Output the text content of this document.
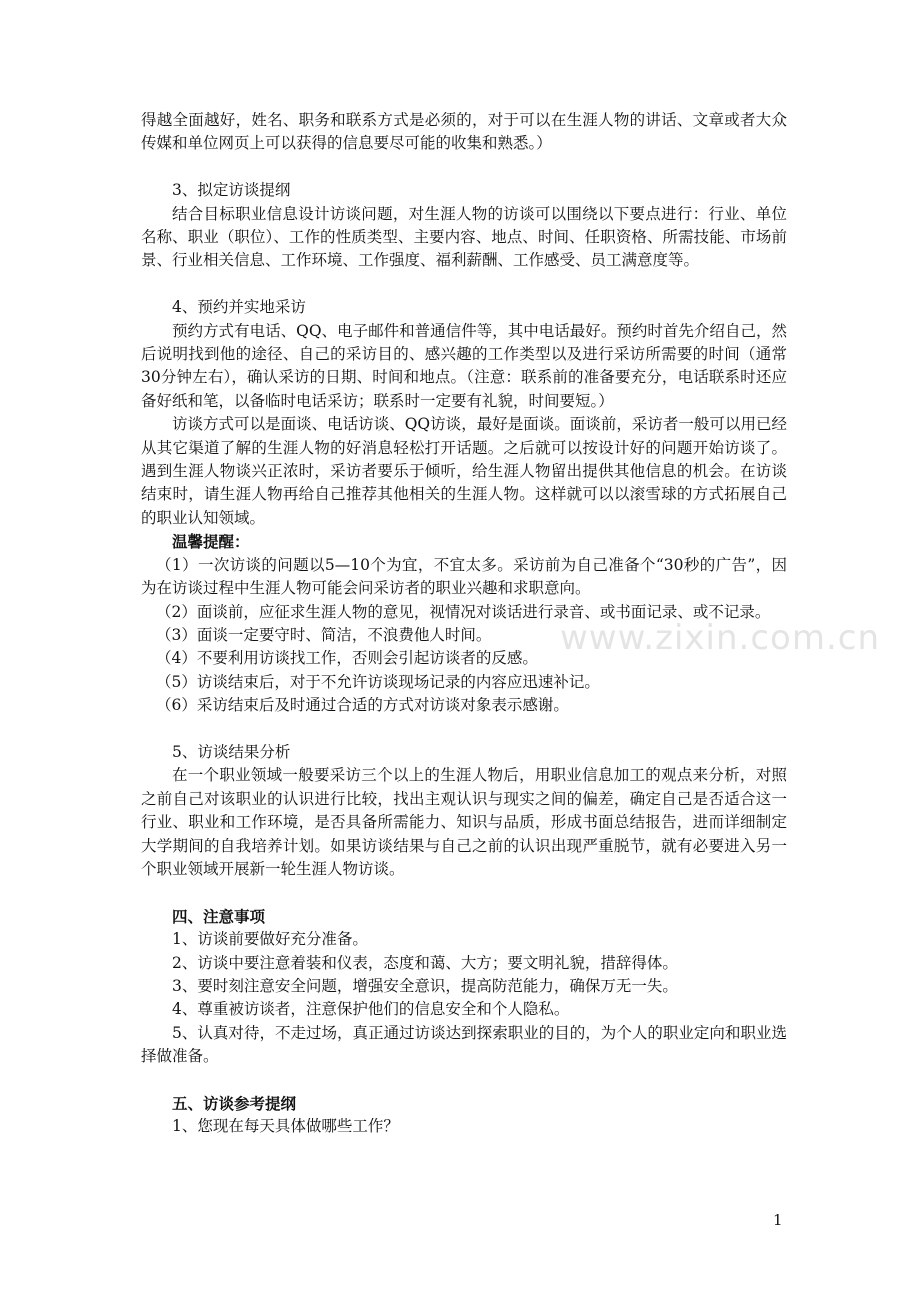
得越全面越好，姓名、职务和联系方式是必须的，对于可以在生涯人物的讲话、文章或者大众传媒和单位网页上可以获得的信息要尽可能的收集和熟悉。）

3、拟定访谈提纲

结合目标职业信息设计访谈问题，对生涯人物的访谈可以围绕以下要点进行：行业、单位名称、职业（职位）、工作的性质类型、主要内容、地点、时间、任职资格、所需技能、市场前景、行业相关信息、工作环境、工作强度、福利薪酬、工作感受、员工满意度等。

4、预约并实地采访

预约方式有电话、QQ、电子邮件和普通信件等，其中电话最好。预约时首先介绍自己，然后说明找到他的途径、自己的采访目的、感兴趣的工作类型以及进行采访所需要的时间（通常30分钟左右），确认采访的日期、时间和地点。（注意：联系前的准备要充分，电话联系时还应备好纸和笔，以备临时电话采访；联系时一定要有礼貌，时间要短。）

访谈方式可以是面谈、电话访谈、QQ访谈，最好是面谈。面谈前，采访者一般可以用已经从其它渠道了解的生涯人物的好消息轻松打开话题。之后就可以按设计好的问题开始访谈了。遇到生涯人物谈兴正浓时，采访者要乐于倾听，给生涯人物留出提供其他信息的机会。在访谈结束时，请生涯人物再给自己推荐其他相关的生涯人物。这样就可以以滚雪球的方式拓展自己的职业认知领域。

温馨提醒：

（1）一次访谈的问题以5—10个为宜，不宜太多。采访前为自己准备个“30秒的广告”，因为在访谈过程中生涯人物可能会问采访者的职业兴趣和求职意向。

（2）面谈前，应征求生涯人物的意见，视情况对谈话进行录音、或书面记录、或不记录。

（3）面谈一定要守时、简洁，不浪费他人时间。

（4）不要利用访谈找工作，否则会引起访谈者的反感。

（5）访谈结束后，对于不允许访谈现场记录的内容应迅速补记。

（6）采访结束后及时通过合适的方式对访谈对象表示感谢。

5、访谈结果分析

在一个职业领域一般要采访三个以上的生涯人物后，用职业信息加工的观点来分析，对照之前自己对该职业的认识进行比较，找出主观认识与现实之间的偏差，确定自己是否适合这一行业、职业和工作环境，是否具备所需能力、知识与品质，形成书面总结报告，进而详细制定大学期间的自我培养计划。如果访谈结果与自己之前的认识出现严重脱节，就有必要进入另一个职业领域开展新一轮生涯人物访谈。

四、注意事项

1、访谈前要做好充分准备。

2、访谈中要注意着装和仪表，态度和蔼、大方；要文明礼貌，措辞得体。

3、要时刻注意安全问题，增强安全意识，提高防范能力，确保万无一失。

4、尊重被访谈者，注意保护他们的信息安全和个人隐私。

5、认真对待，不走过场，真正通过访谈达到探索职业的目的，为个人的职业定向和职业选择做准备。

五、访谈参考提纲

1、您现在每天具体做哪些工作？

www.zixin.com.cn
1
